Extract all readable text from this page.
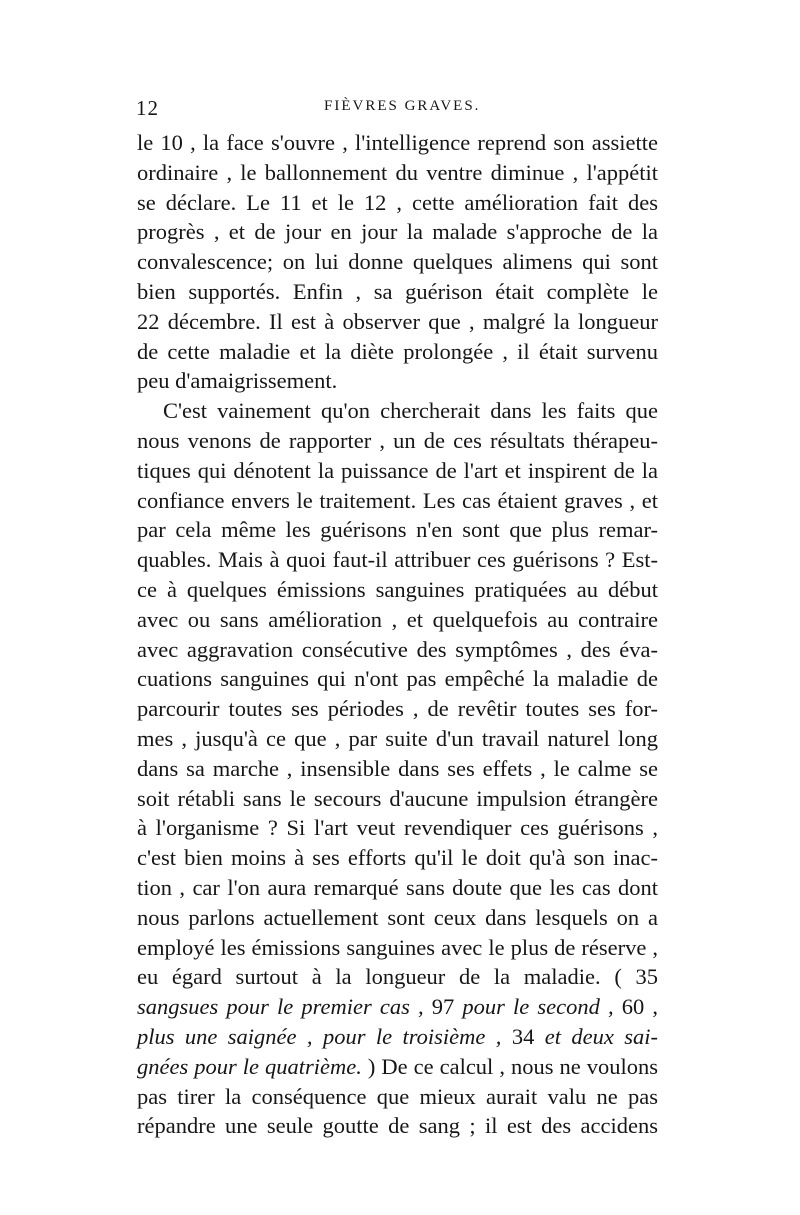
12	FIÈVRES GRAVES.
le 10 , la face s'ouvre , l'intelligence reprend son assiette
ordinaire , le ballonnement du ventre diminue , l'appétit
se déclare. Le 11 et le 12 , cette amélioration fait des
progrès , et de jour en jour la malade s'approche de la
convalescence; on lui donne quelques alimens qui sont
bien supportés. Enfin , sa guérison était complète le
22 décembre. Il est à observer que , malgré la longueur
de cette maladie et la diète prolongée , il était survenu
peu d'amaigrissement.
C'est vainement qu'on chercherait dans les faits que
nous venons de rapporter , un de ces résultats thérapeu-
tiques qui dénotent la puissance de l'art et inspirent de la
confiance envers le traitement. Les cas étaient graves , et
par cela même les guérisons n'en sont que plus remar-
quables. Mais à quoi faut-il attribuer ces guérisons ? Est-
ce à quelques émissions sanguines pratiquées au début
avec ou sans amélioration , et quelquefois au contraire
avec aggravation consécutive des symptômes , des éva-
cuations sanguines qui n'ont pas empêché la maladie de
parcourir toutes ses périodes , de revêtir toutes ses for-
mes , jusqu'à ce que , par suite d'un travail naturel long
dans sa marche , insensible dans ses effets , le calme se
soit rétabli sans le secours d'aucune impulsion étrangère
à l'organisme ? Si l'art veut revendiquer ces guérisons ,
c'est bien moins à ses efforts qu'il le doit qu'à son inac-
tion , car l'on aura remarqué sans doute que les cas dont
nous parlons actuellement sont ceux dans lesquels on a
employé les émissions sanguines avec le plus de réserve ,
eu égard surtout à la longueur de la maladie. ( 35
sangsues pour le premier cas , 97 pour le second , 60 ,
plus une saignée , pour le troisième , 34 et deux sai-
gnées pour le quatrième. ) De ce calcul , nous ne voulons
pas tirer la conséquence que mieux aurait valu ne pas
répandre une seule goutte de sang ; il est des accidens
